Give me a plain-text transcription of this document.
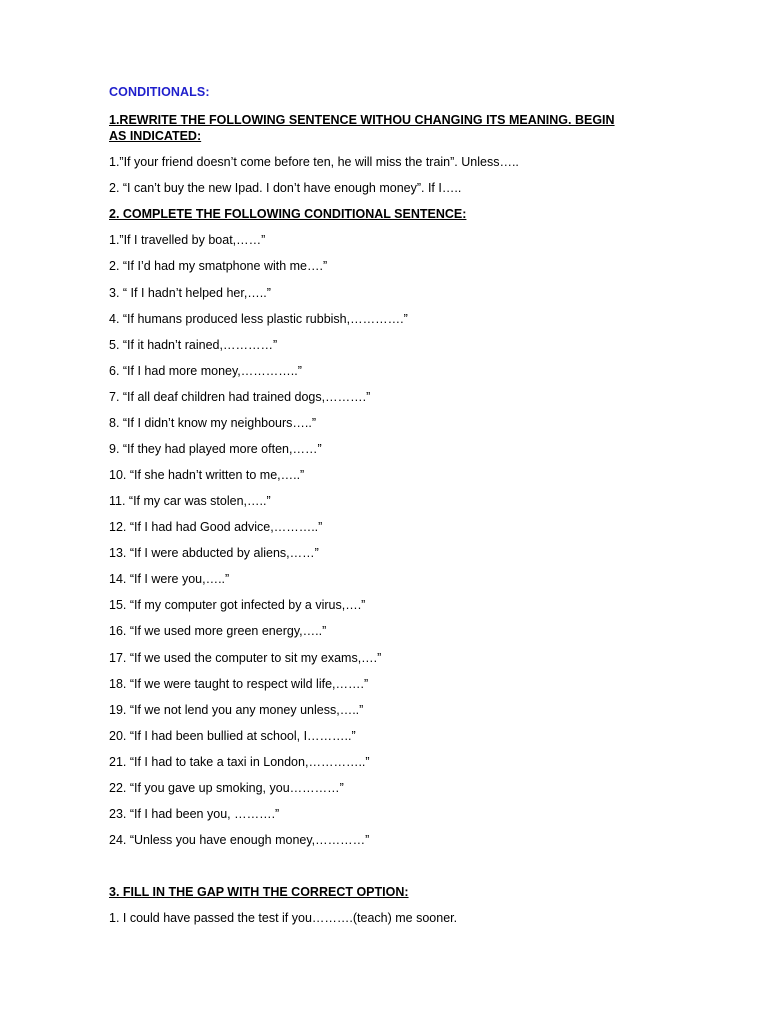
CONDITIONALS:
1.REWRITE THE FOLLOWING SENTENCE WITHOU CHANGING ITS MEANING. BEGIN AS INDICATED:
1.”If your friend doesn’t come before ten, he will miss the train”. Unless…..
2. “I can’t buy the new Ipad. I don’t have enough money”. If I…..
2. COMPLETE THE FOLLOWING CONDITIONAL SENTENCE:
1.”If I travelled by boat,……”
2. “If I’d had my smatphone with me….”
3. “ If I hadn’t helped her,…..”
4. “If humans produced less plastic rubbish,………….”
5. “If it hadn’t rained,…………”
6. “If I had more money,…………..”
7. “If all deaf children had trained dogs,……….”
8. “If I didn’t know my neighbours…..”
9. “If they had played more often,……”
10. “If she hadn’t written to me,…..”
11. “If my car was stolen,…..”
12. “If I had had Good advice,………..”
13. “If I were abducted by aliens,……”
14. “If I were you,…..”
15. “If my computer got infected by a virus,….”
16. “If we used more green energy,…..”
17. “If we used the computer to sit my exams,….”
18. “If we were taught to respect wild life,…….”
19. “If we not lend you any money unless,…..”
20. “If I had been bullied at school, I………..”
21. “If I had to take a taxi in London,…………..”
22. “If you gave up smoking, you…………”
23. “If I had been you, ……….”
24. “Unless you have enough money,…………”
3. FILL IN THE GAP WITH THE CORRECT OPTION:
1. I could have passed the test if you……….(teach) me sooner.
